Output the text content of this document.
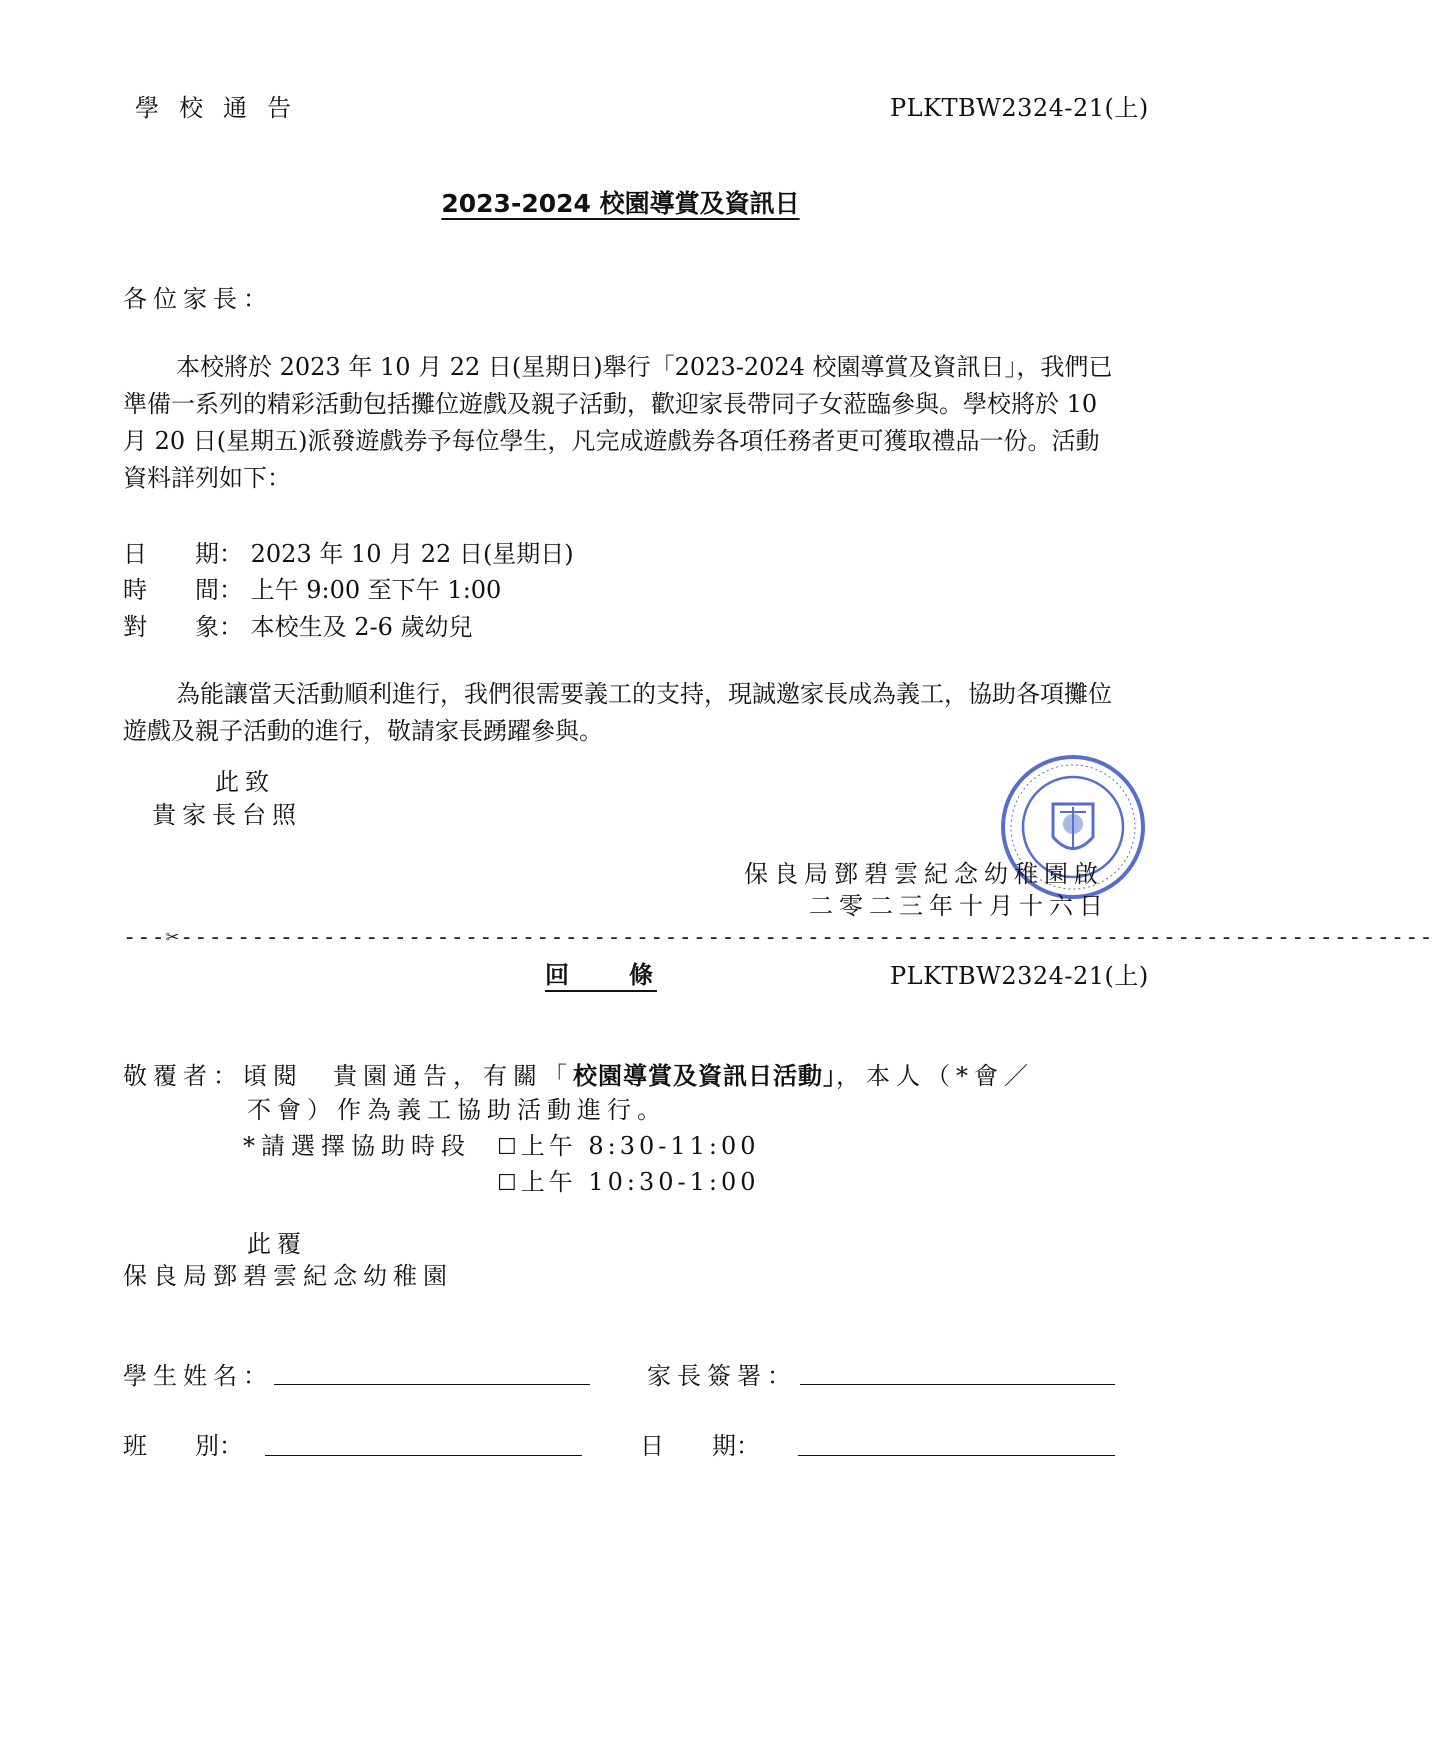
學校通告	PLKTBW2324-21(上)
2023-2024 校園導賞及資訊日
各位家長：
本校將於 2023 年 10 月 22 日(星期日)舉行「2023-2024 校園導賞及資訊日」，我們已準備一系列的精彩活動包括攤位遊戲及親子活動，歡迎家長帶同子女蒞臨參與。學校將於 10 月 20 日(星期五)派發遊戲券予每位學生，凡完成遊戲券各項任務者更可獲取禮品一份。活動資料詳列如下：
日　　期： 2023 年 10 月 22 日(星期日)
時　　間： 上午 9:00 至下午 1:00
對　　象： 本校生及 2-6 歲幼兒
為能讓當天活動順利進行，我們很需要義工的支持，現誠邀家長成為義工，協助各項攤位遊戲及親子活動的進行，敬請家長踴躍參與。
此致
貴家長台照
保良局鄧碧雲紀念幼稚園啟
二零二三年十月十六日
---✂----------------------------------------------------------------------------------------
回　　條	PLKTBW2324-21(上)
敬覆者：頃閱　貴園通告，有關「校園導賞及資訊日活動」，本人（*會／
不會）作為義工協助活動進行。
*請選擇協助時段 ☐上午 8:30-11:00
☐上午 10:30-1:00
此覆
保良局鄧碧雲紀念幼稚園
學生姓名：	家長簽署：
班　　別：	日　　期：
